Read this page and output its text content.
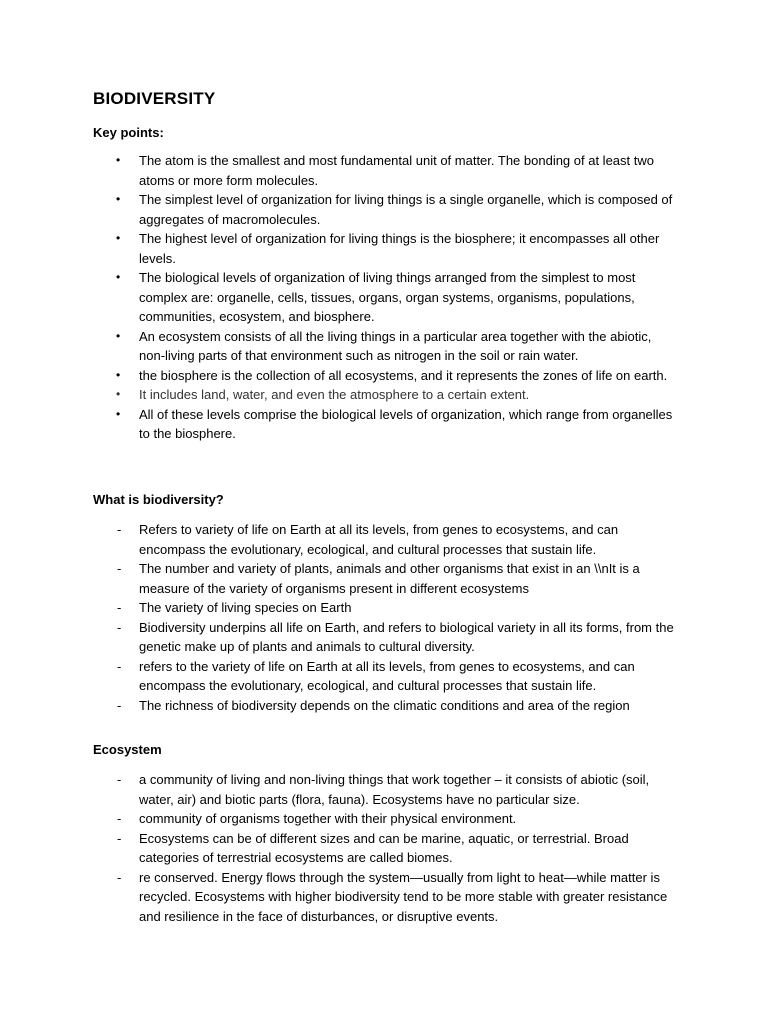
BIODIVERSITY
Key points:
•	The atom is the smallest and most fundamental unit of matter. The bonding of at least two atoms or more form molecules.
•	The simplest level of organization for living things is a single organelle, which is composed of aggregates of macromolecules.
•	The highest level of organization for living things is the biosphere; it encompasses all other levels.
•	The biological levels of organization of living things arranged from the simplest to most complex are: organelle, cells, tissues, organs, organ systems, organisms, populations, communities, ecosystem, and biosphere.
•	An ecosystem consists of all the living things in a particular area together with the abiotic, non-living parts of that environment such as nitrogen in the soil or rain water.
•	the biosphere is the collection of all ecosystems, and it represents the zones of life on earth.
•	It includes land, water, and even the atmosphere to a certain extent.
•	All of these levels comprise the biological levels of organization, which range from organelles to the biosphere.
What is biodiversity?
-	Refers to variety of life on Earth at all its levels, from genes to ecosystems, and can encompass the evolutionary, ecological, and cultural processes that sustain life.
-	The number and variety of plants, animals and other organisms that exist in an \\nIt is a measure of the variety of organisms present in different ecosystems
-	The variety of living species on Earth
-	Biodiversity underpins all life on Earth, and refers to biological variety in all its forms, from the genetic make up of plants and animals to cultural diversity.
-	refers to the variety of life on Earth at all its levels, from genes to ecosystems, and can encompass the evolutionary, ecological, and cultural processes that sustain life.
-	The richness of biodiversity depends on the climatic conditions and area of the region
Ecosystem
-	a community of living and non-living things that work together – it consists of abiotic (soil, water, air) and biotic parts (flora, fauna). Ecosystems have no particular size.
-	community of organisms together with their physical environment.
-	Ecosystems can be of different sizes and can be marine, aquatic, or terrestrial. Broad categories of terrestrial ecosystems are called biomes.
-	re conserved. Energy flows through the system—usually from light to heat—while matter is recycled. Ecosystems with higher biodiversity tend to be more stable with greater resistance and resilience in the face of disturbances, or disruptive events.
